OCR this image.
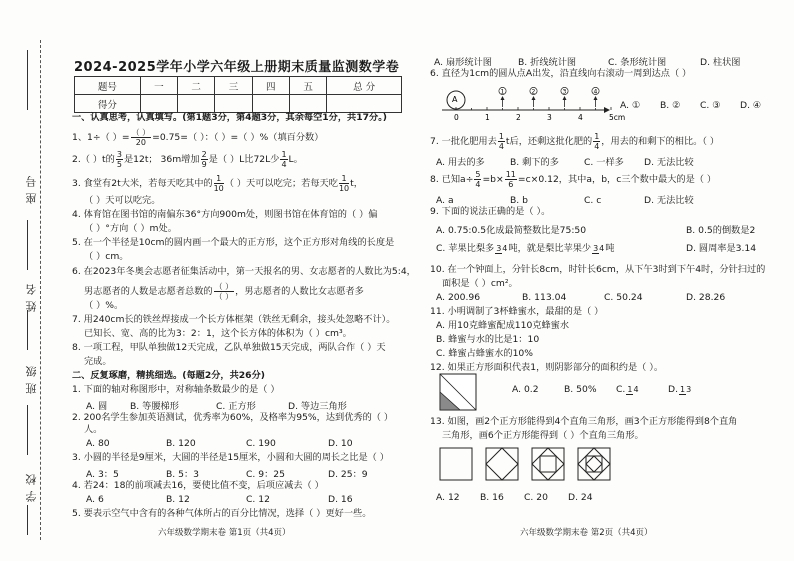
座号
姓名
班级
学校
2024-2025学年小学六年级上册期末质量监测数学卷
题号	一	二	三	四	五	总 分
得分						
一、认真思考，认真填写。(第1题3分，第4题3分，其余每空1分，共17分。)
1、1÷（ ）= $\frac{( )}{20} =0.75=$（ ）：（ ）=（ ）%（填百分数）
2.（ ）t的 $\frac{3}{5}$ 是12t； 36m增加 $\frac{2}{9}$ 是（ ）L比72L少 $\frac{1}{4}$ L。
3. 食堂有2t大米，若每天吃其中的 $\frac{1}{10}$ （ ）天可以吃完；若每天吃 $\frac{1}{10}$ t，
（ ）天可以吃完。
4. 体育馆在图书馆的南偏东36°方向900m处，则图书馆在体育馆的（ ）偏
（ ）°方向（ ）m处。
5. 在一个半径是10cm的圆内画一个最大的正方形，这个正方形对角线的长度是
（ ）cm。
6. 在2023年冬奥会志愿者征集活动中，第一天报名的男、女志愿者的人数比为5:4，
男志愿者的人数是志愿者总数的 $\frac{( )}{( )}$ ，男志愿者的人数比女志愿者多
（ ）%。
7. 用240cm长的铁丝焊接成一个长方体框架（铁丝无剩余，接头处忽略不计）。
已知长、宽、高的比为3：2：1，这个长方体的体积为（ ）cm³。
8. 一项工程，甲队单独做12天完成，乙队单独做15天完成，两队合作（ ）天
完成。
二、反复琢磨，精挑细选。(每题2分，共26分)
1. 下面的轴对称图形中，对称轴条数最少的是（ ）
A. 圆 B. 等腰梯形	C. 正方形	D. 等边三角形
2. 200名学生参加英语测试，优秀率为60%，及格率为95%，达到优秀的（ ）
人。
A. 80	B. 120	C. 190	D. 10
3. 小圆的半径是9厘米，大圆的半径是15厘米，小圆和大圆的周长之比是（ ）
A. 3：5	B. 5：3	C. 9：25	D. 25：9
4. 若24：18的前项减去16，要使比值不变，后项应减去（ ）
A. 6	B. 12	C. 12	D. 16
5. 要表示空气中含有的各种气体所占的百分比情况，选择（ ）更好一些。
六年级数学期末卷 第1页（共4页）
A. 扇形统计图	B. 折线统计图	C. 条形统计图	D. 柱状图
6. 直径为1cm的圆从点A出发，沿直线向右滚动一周到达点（ ）
A
0	1	2	3	4	5cm
1	2	3	4
A. ① B. ② C. ③ D. ④
7. 一批化肥用去 $\frac{1}{4}$ t后，还剩这批化肥的 $\frac{1}{4}$ ，用去的和剩下的相比。（ ）
A. 用去的多	B. 剩下的多	C. 一样多 D. 无法比较
8. 已知$a\div \frac{5}{4} =b\times \frac{11}{6} =c\times 0.12$，其中a，b，c三个数中最大的是（ ）
A. a	B. b	C. c	D. 无法比较
9. 下面的说法正确的是（ ）。
A. 0.75:0.5化成最简整数比是75:50	B. 0.5的倒数是2
C. 苹果比梨多 34吨，就是梨比苹果少 34吨	D. 圆周率是3.14
10. 在一个钟面上，分针长8cm，时针长6cm，从下午3时到下午4时，分针扫过的
面积是（ ）cm²。
A. 200.96	B. 113.04	C. 50.24	D. 28.26
11. 小明调制了3杯蜂蜜水，最甜的是（ ）
A. 用10克蜂蜜配成110克蜂蜜水
B. 蜂蜜与水的比是1：10
C. 蜂蜜占蜂蜜水的10%
12. 如果正方形面积代表1，则阴影部分的面积约是（ ）。
A. 0.2	B. 50% C. 14	D. 13
13. 如图，画2个正方形能得到4个直角三角形，画3个正方形能得到8个直角
三角形，画6个正方形能得到（ ）个直角三角形。
A. 12 B. 16 C. 20 D. 24
六年级数学期末卷 第2页（共4页）
